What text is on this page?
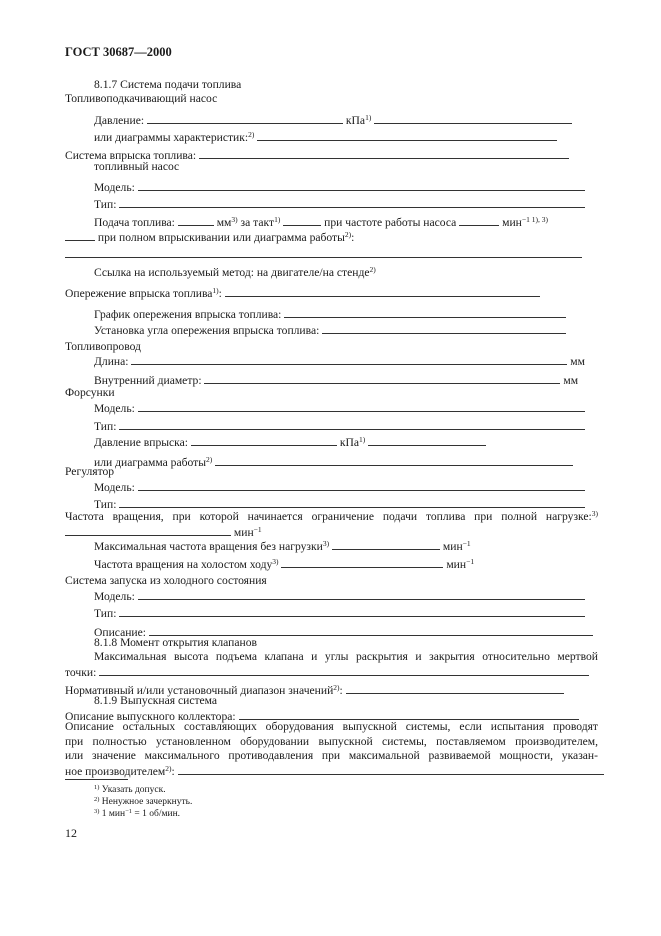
ГОСТ 30687—2000
8.1.7 Система подачи топлива
Топливоподкачивающий насос
Давление:	кПа$^{1)}$
или диаграммы характеристик:$^{2)}$
Система впрыска топлива:
топливный насос
Модель:
Тип:
Подача топлива:	$мм^{3)}$ за такт$^{1)}$	при частоте работы насоса	мин$^{-1 1), 3)}$
при полном впрыскивании или диаграмма работы$^{2)}$:
Ссылка на используемый метод: на двигателе/на стенде$^{2)}$
Опережение впрыска топлива$^{1)}$:
График опережения впрыска топлива:
Установка угла опережения впрыска топлива:
Топливопровод
Длина:	мм
Внутренний диаметр:	мм
Форсунки
Модель:
Тип:
Давление впрыска:	кПа$^{1)}$
или диаграмма работы$^{2)}$
Регулятор
Модель:
Тип:
Частота вращения, при которой начинается ограничение подачи топлива при полной нагрузке:$^{3)}$
мин$^{-1}$
Максимальная частота вращения без нагрузки$^{3)}$	мин$^{-1}$
Частота вращения на холостом ходу$^{3)}$	мин$^{-1}$
Система запуска из холодного состояния
Модель:
Тип:
Описание:
8.1.8 Момент открытия клапанов
Максимальная высота подъема клапана и углы раскрытия и закрытия относительно мертвой
точки:
Нормативный и/или установочный диапазон значений$^{2)}$:
8.1.9 Выпускная система
Описание выпускного коллектора:
Описание остальных составляющих оборудования выпускной системы, если испытания проводят
при полностью установленном оборудовании выпускной системы, поставляемом производителем,
или значение максимального противодавления при максимальной развиваемой мощности, указан-
ное производителем$^{2)}$:
$^{1)}$ Указать допуск.
$^{2)}$ Ненужное зачеркнуть.
$^{3)}$ 1 мин$^{-1}$ = 1 об/мин.
12
